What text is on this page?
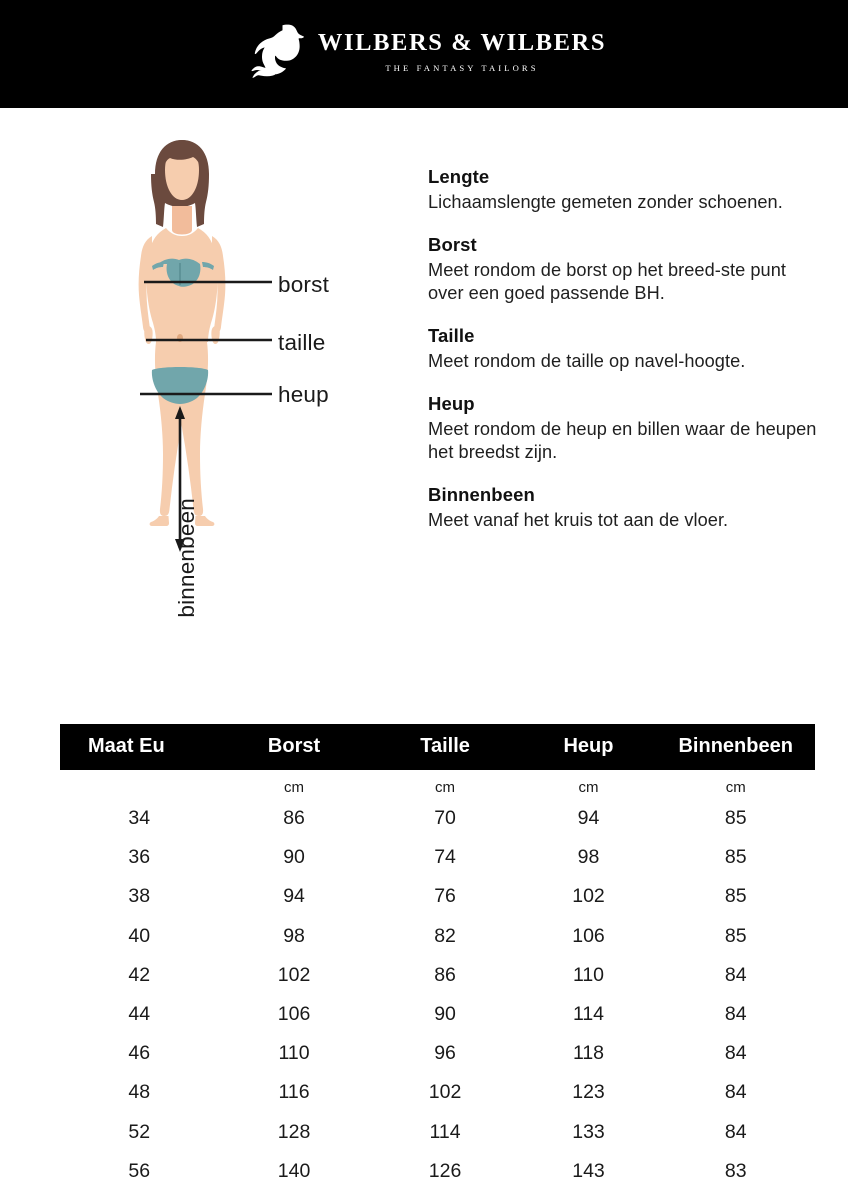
WILBERS & WILBERS
THE FANTASY TAILORS
borst
taille
heup
binnenbeen
Lengte
Lichaamslengte gemeten zonder schoenen.
Borst
Meet rondom de borst op het breed-ste punt over een goed passende BH.
Taille
Meet rondom de taille op navel-hoogte.
Heup
Meet rondom de heup en billen waar de heupen het breedst zijn.
Binnenbeen
Meet vanaf het kruis tot aan de vloer.
Maat Eu	Borst	Taille	Heup	Binnenbeen
	cm	cm	cm	cm
34	86	70	94	85
36	90	74	98	85
38	94	76	102	85
40	98	82	106	85
42	102	86	110	84
44	106	90	114	84
46	110	96	118	84
48	116	102	123	84
52	128	114	133	84
56	140	126	143	83
